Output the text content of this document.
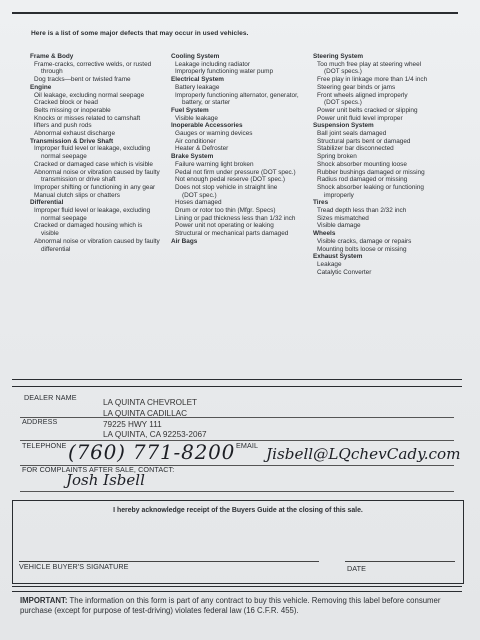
Here is a list of some major defects that may occur in used vehicles.
Frame & Body
Frame-cracks, corrective welds, or rusted
through
Dog tracks—bent or twisted frame
Engine
Oil leakage, excluding normal seepage
Cracked block or head
Belts missing or inoperable
Knocks or misses related to camshaft
lifters and push rods
Abnormal exhaust discharge
Transmission & Drive Shaft
Improper fluid level or leakage, excluding
normal seepage
Cracked or damaged case which is visible
Abnormal noise or vibration caused by faulty
transmission or drive shaft
Improper shifting or functioning in any gear
Manual clutch slips or chatters
Differential
Improper fluid level or leakage, excluding
normal seepage
Cracked or damaged housing which is
visible
Abnormal noise or vibration caused by faulty
differential
Cooling System
Leakage including radiator
Improperly functioning water pump
Electrical System
Battery leakage
Improperly functioning alternator, generator,
battery, or starter
Fuel System
Visible leakage
Inoperable Accessories
Gauges or warning devices
Air conditioner
Heater & Defroster
Brake System
Failure warning light broken
Pedal not firm under pressure (DOT spec.)
Not enough pedal reserve (DOT spec.)
Does not stop vehicle in straight line
(DOT spec.)
Hoses damaged
Drum or rotor too thin (Mfgr. Specs)
Lining or pad thickness less than 1/32 inch
Power unit not operating or leaking
Structural or mechanical parts damaged
Air Bags
Steering System
Too much free play at steering wheel
(DOT specs.)
Free play in linkage more than 1/4 inch
Steering gear binds or jams
Front wheels aligned improperly
(DOT specs.)
Power unit belts cracked or slipping
Power unit fluid level improper
Suspension System
Ball joint seals damaged
Structural parts bent or damaged
Stabilizer bar disconnected
Spring broken
Shock absorber mounting loose
Rubber bushings damaged or missing
Radius rod damaged or missing
Shock absorber leaking or functioning
improperly
Tires
Tread depth less than 2/32 inch
Sizes mismatched
Visible damage
Wheels
Visible cracks, damage or repairs
Mounting bolts loose or missing
Exhaust System
Leakage
Catalytic Converter
DEALER NAME
LA QUINTA CHEVROLET
LA QUINTA CADILLAC
ADDRESS	79225 HWY 111
LA QUINTA, CA 92253-2067
TELEPHONE (760) 771-8200 EMAIL Jisbell@LQchevCady.com
FOR COMPLAINTS AFTER SALE, CONTACT:
Josh Isbell
I hereby acknowledge receipt of the Buyers Guide at the closing of this sale.
VEHICLE BUYER'S SIGNATURE	DATE
IMPORTANT: The information on this form is part of any contract to buy this vehicle. Removing this label before consumer purchase (except for purpose of test-driving) violates federal law (16 C.F.R. 455).
